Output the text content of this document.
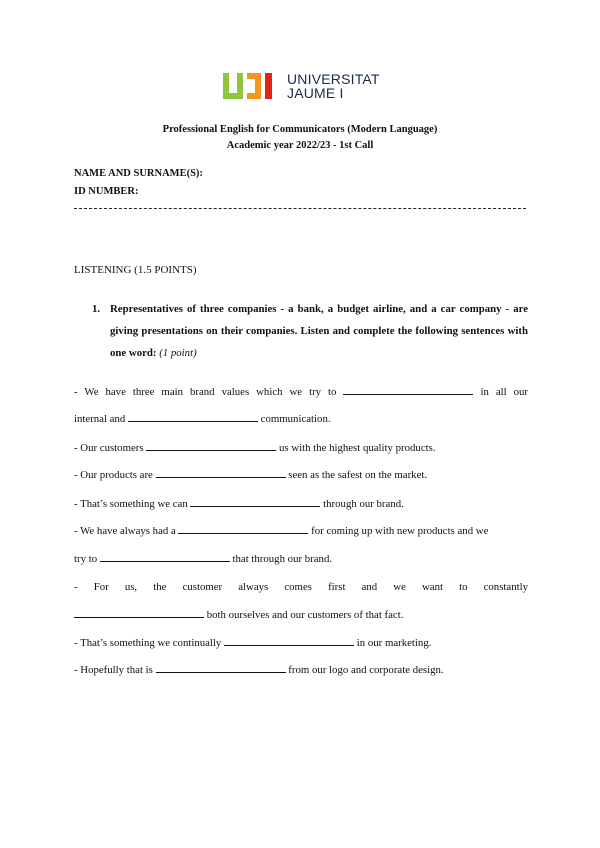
UNIVERSITAT
JAUME I
Professional English for Communicators (Modern Language)
Academic year 2022/23 - 1st Call
NAME AND SURNAME(S):
ID NUMBER:
LISTENING (1.5 POINTS)
1. Representatives of three companies - a bank, a budget airline, and a car company - are giving presentations on their companies. Listen and complete the following sentences with one word: (1 point)
- We have three main brand values which we try to	in all our
internal and	communication.
- Our customers	us with the highest quality products.
- Our products are	seen as the safest on the market.
- That’s something we can	through our brand.
- We have always had a	for coming up with new products and we
try to	that through our brand.
- For us, the customer always comes first and we want to constantly
both ourselves and our customers of that fact.
- That’s something we continually	in our marketing.
- Hopefully that is	from our logo and corporate design.
